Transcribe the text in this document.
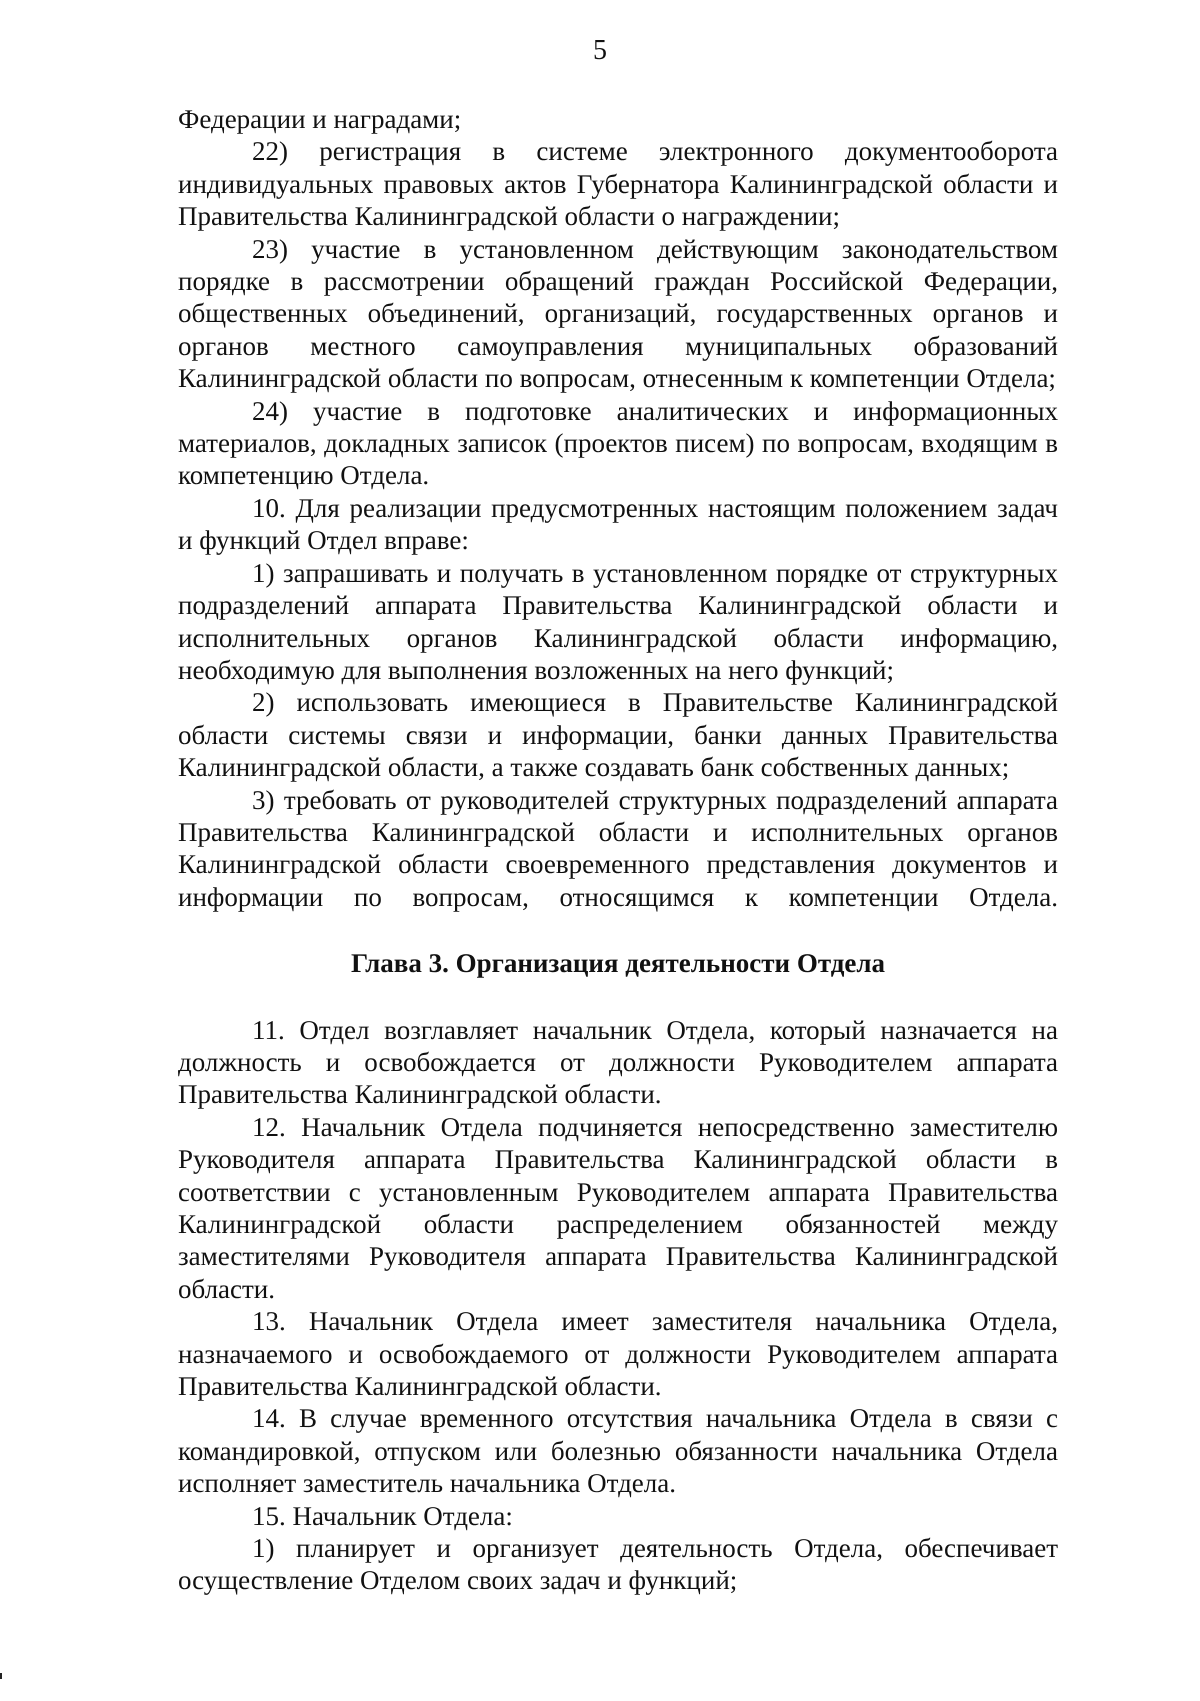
5

Федерации и наградами;

22) регистрация в системе электронного документооборота индивидуальных правовых актов Губернатора Калининградской области и Правительства Калининградской области о награждении;

23) участие в установленном действующим законодательством порядке в рассмотрении обращений граждан Российской Федерации, общественных объединений, организаций, государственных органов и органов местного самоуправления муниципальных образований Калининградской области по вопросам, отнесенным к компетенции Отдела;

24) участие в подготовке аналитических и информационных материалов, докладных записок (проектов писем) по вопросам, входящим в компетенцию Отдела.

10. Для реализации предусмотренных настоящим положением задач и функций Отдел вправе:

1) запрашивать и получать в установленном порядке от структурных подразделений аппарата Правительства Калининградской области и исполнительных органов Калининградской области информацию, необходимую для выполнения возложенных на него функций;

2) использовать имеющиеся в Правительстве Калининградской области системы связи и информации, банки данных Правительства Калининградской области, а также создавать банк собственных данных;

3) требовать от руководителей структурных подразделений аппарата Правительства Калининградской области и исполнительных органов Калининградской области своевременного представления документов и информации по вопросам, относящимся к компетенции Отдела.

Глава 3. Организация деятельности Отдела

11. Отдел возглавляет начальник Отдела, который назначается на должность и освобождается от должности Руководителем аппарата Правительства Калининградской области.

12. Начальник Отдела подчиняется непосредственно заместителю Руководителя аппарата Правительства Калининградской области в соответствии с установленным Руководителем аппарата Правительства Калининградской области распределением обязанностей между заместителями Руководителя аппарата Правительства Калининградской области.

13. Начальник Отдела имеет заместителя начальника Отдела, назначаемого и освобождаемого от должности Руководителем аппарата Правительства Калининградской области.

14. В случае временного отсутствия начальника Отдела в связи с командировкой, отпуском или болезнью обязанности начальника Отдела исполняет заместитель начальника Отдела.

15. Начальник Отдела:

1) планирует и организует деятельность Отдела, обеспечивает осуществление Отделом своих задач и функций;
